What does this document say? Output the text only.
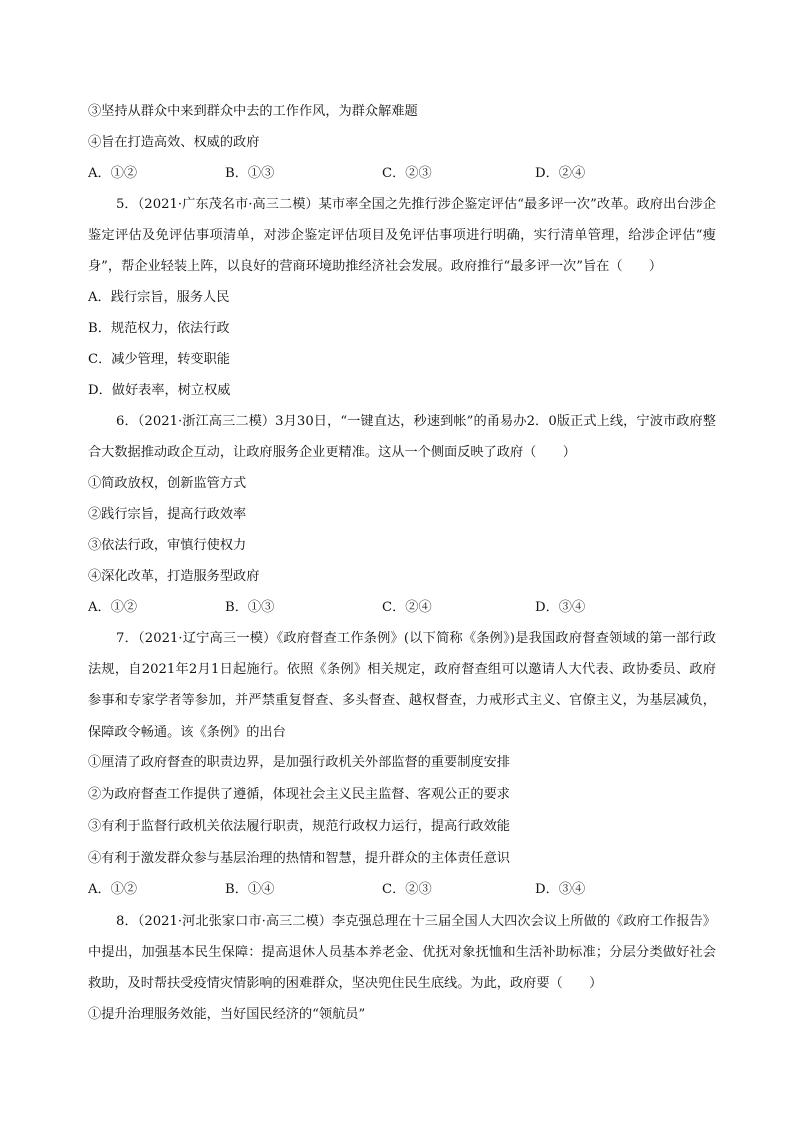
③坚持从群众中来到群众中去的工作作风，为群众解难题
④旨在打造高效、权威的政府
A．①②	B．①③	C．②③	D．②④
5．（2021·广东茂名市·高三二模）某市率全国之先推行涉企鉴定评估“最多评一次”改革。政府出台涉企鉴定评估及免评估事项清单，对涉企鉴定评估项目及免评估事项进行明确，实行清单管理，给涉企评估“瘦身”，帮企业轻装上阵，以良好的营商环境助推经济社会发展。政府推行“最多评一次”旨在（　　）
A．践行宗旨，服务人民
B．规范权力，依法行政
C．减少管理，转变职能
D．做好表率，树立权威
6．（2021·浙江高三二模）3月30日，“一键直达，秒速到帐”的甬易办2．0版正式上线，宁波市政府整合大数据推动政企互动，让政府服务企业更精准。这从一个侧面反映了政府（　　）
①简政放权，创新监管方式
②践行宗旨，提高行政效率
③依法行政，审慎行使权力
④深化改革，打造服务型政府
A．①②	B．①③	C．②④	D．③④
7．（2021·辽宁高三一模）《政府督查工作条例》(以下简称《条例》)是我国政府督查领域的第一部行政法规，自2021年2月1日起施行。依照《条例》相关规定，政府督查组可以邀请人大代表、政协委员、政府参事和专家学者等参加，并严禁重复督查、多头督查、越权督查，力戒形式主义、官僚主义，为基层减负，保障政令畅通。该《条例》的出台
①厘清了政府督查的职责边界，是加强行政机关外部监督的重要制度安排
②为政府督查工作提供了遵循，体现社会主义民主监督、客观公正的要求
③有利于监督行政机关依法履行职责，规范行政权力运行，提高行政效能
④有利于激发群众参与基层治理的热情和智慧，提升群众的主体责任意识
A．①②	B．①④	C．②③	D．③④
8．（2021·河北张家口市·高三二模）李克强总理在十三届全国人大四次会议上所做的《政府工作报告》中提出，加强基本民生保障：提高退休人员基本养老金、优抚对象抚恤和生活补助标准；分层分类做好社会救助，及时帮扶受疫情灾情影响的困难群众，坚决兜住民生底线。为此，政府要（　　）
①提升治理服务效能，当好国民经济的“领航员”
